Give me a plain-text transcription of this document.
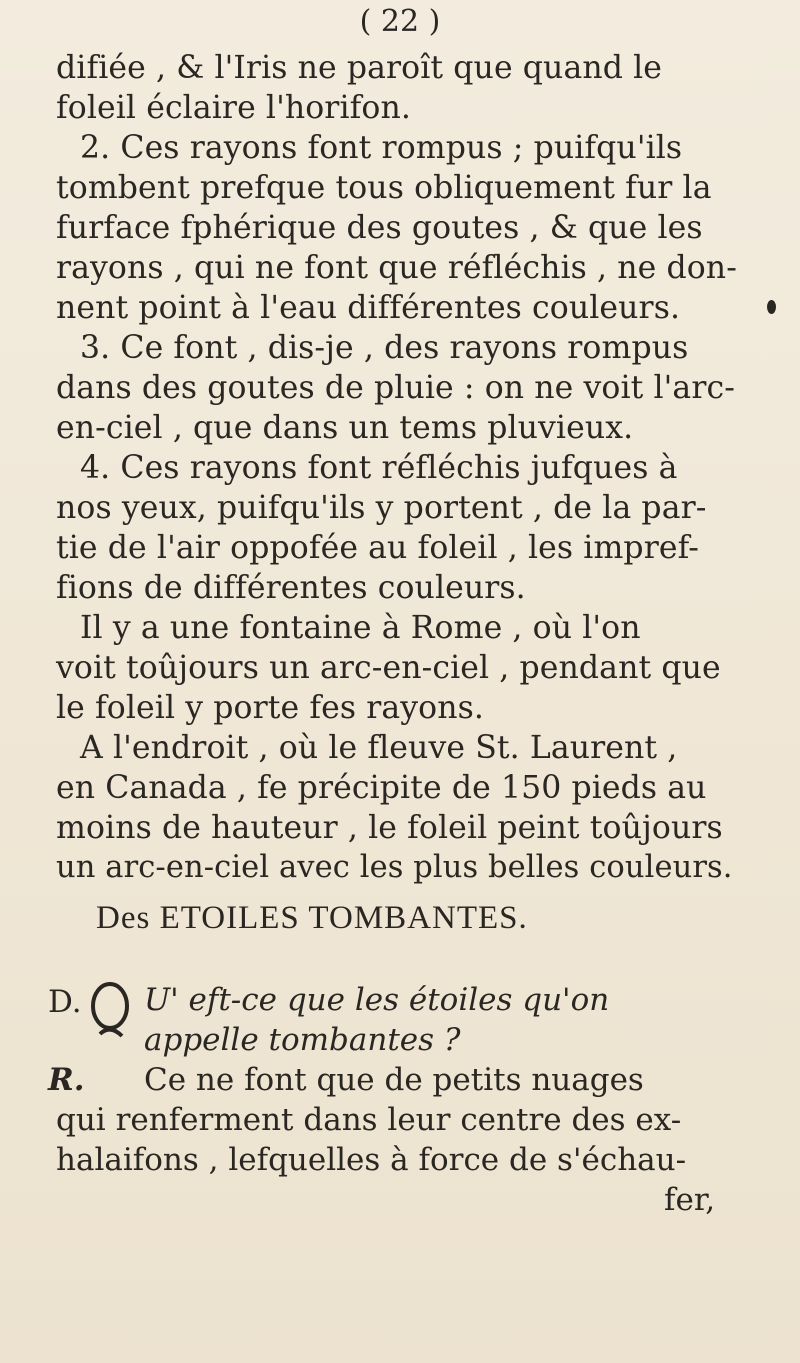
( 22 )
difiée , & l'Iris ne paroît que quand le
foleil éclaire l'horifon.
2. Ces rayons font rompus ; puifqu'ils
tombent prefque tous obliquement fur la
furface fphérique des goutes , & que les
rayons , qui ne font que réfléchis , ne don-
nent point à l'eau différentes couleurs.
3. Ce font , dis-je , des rayons rompus
dans des goutes de pluie : on ne voit l'arc-
en-ciel , que dans un tems pluvieux.
4. Ces rayons font réfléchis jufques à
nos yeux, puifqu'ils y portent , de la par-
tie de l'air oppofée au foleil , les impref-
fions de différentes couleurs.
Il y a une fontaine à Rome , où l'on
voit toûjours un arc-en-ciel , pendant que
le foleil y porte fes rayons.
A l'endroit , où le fleuve St. Laurent ,
en Canada , fe précipite de 150 pieds au
moins de hauteur , le foleil peint toûjours
un arc-en-ciel avec les plus belles couleurs.
Des ETOILES TOMBANTES.
D. U' eft-ce que les étoiles qu'on
appelle tombantes ?
R. Ce ne font que de petits nuages
qui renferment dans leur centre des ex-
halaifons , lefquelles à force de s'échau-
fer,
